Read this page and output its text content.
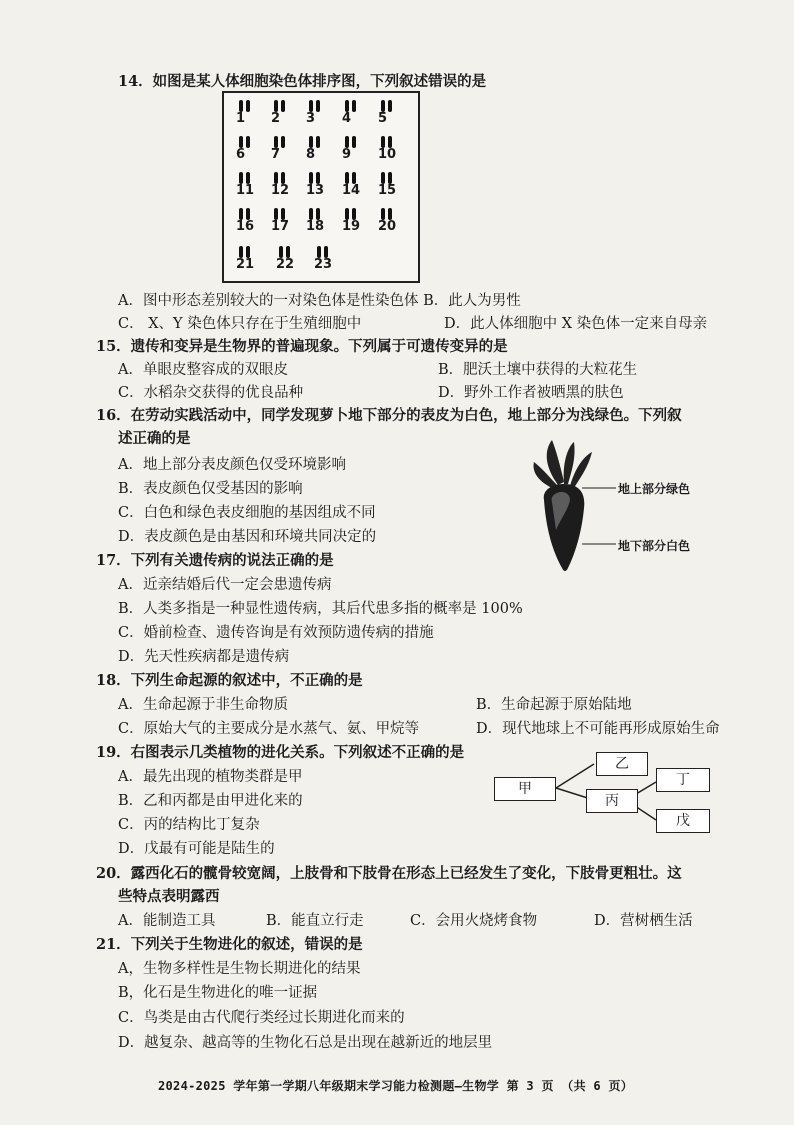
14．如图是某人体细胞染色体排序图，下列叙述错误的是
1 2 3 4 5
6 7 8 9 10
11 12 13 14 15
16 17 18 19 20
21 22 23
A．图中形态差别较大的一对染色体是性染色体 B．此人为男性
C． X、Y 染色体只存在于生殖细胞中	D．此人体细胞中 X 染色体一定来自母亲
15．遗传和变异是生物界的普遍现象。下列属于可遗传变异的是
A．单眼皮整容成的双眼皮	B．肥沃土壤中获得的大粒花生
C．水稻杂交获得的优良品种	D．野外工作者被晒黑的肤色
16．在劳动实践活动中，同学发现萝卜地下部分的表皮为白色，地上部分为浅绿色。下列叙
述正确的是
A．地上部分表皮颜色仅受环境影响
B．表皮颜色仅受基因的影响
C．白色和绿色表皮细胞的基因组成不同
D．表皮颜色是由基因和环境共同决定的
地上部分绿色
地下部分白色
17．下列有关遗传病的说法正确的是
A．近亲结婚后代一定会患遗传病
B．人类多指是一种显性遗传病，其后代患多指的概率是 100%
C．婚前检查、遗传咨询是有效预防遗传病的措施
D．先天性疾病都是遗传病
18．下列生命起源的叙述中，不正确的是
A．生命起源于非生命物质	B．生命起源于原始陆地
C．原始大气的主要成分是水蒸气、氨、甲烷等	D．现代地球上不可能再形成原始生命
19．右图表示几类植物的进化关系。下列叙述不正确的是
A．最先出现的植物类群是甲
B．乙和丙都是由甲进化来的
C．丙的结构比丁复杂
D．戊最有可能是陆生的
甲
乙
丙
丁
戊
20．露西化石的髋骨较宽阔，上肢骨和下肢骨在形态上已经发生了变化，下肢骨更粗壮。这
些特点表明露西
A．能制造工具	B．能直立行走	C．会用火烧烤食物	D．营树栖生活
21．下列关于生物进化的叙述，错误的是
A，生物多样性是生物长期进化的结果
B，化石是生物进化的唯一证据
C．鸟类是由古代爬行类经过长期进化而来的
D．越复杂、越高等的生物化石总是出现在越新近的地层里
2024-2025 学年第一学期八年级期末学习能力检测题—生物学 第 3 页 （共 6 页）
